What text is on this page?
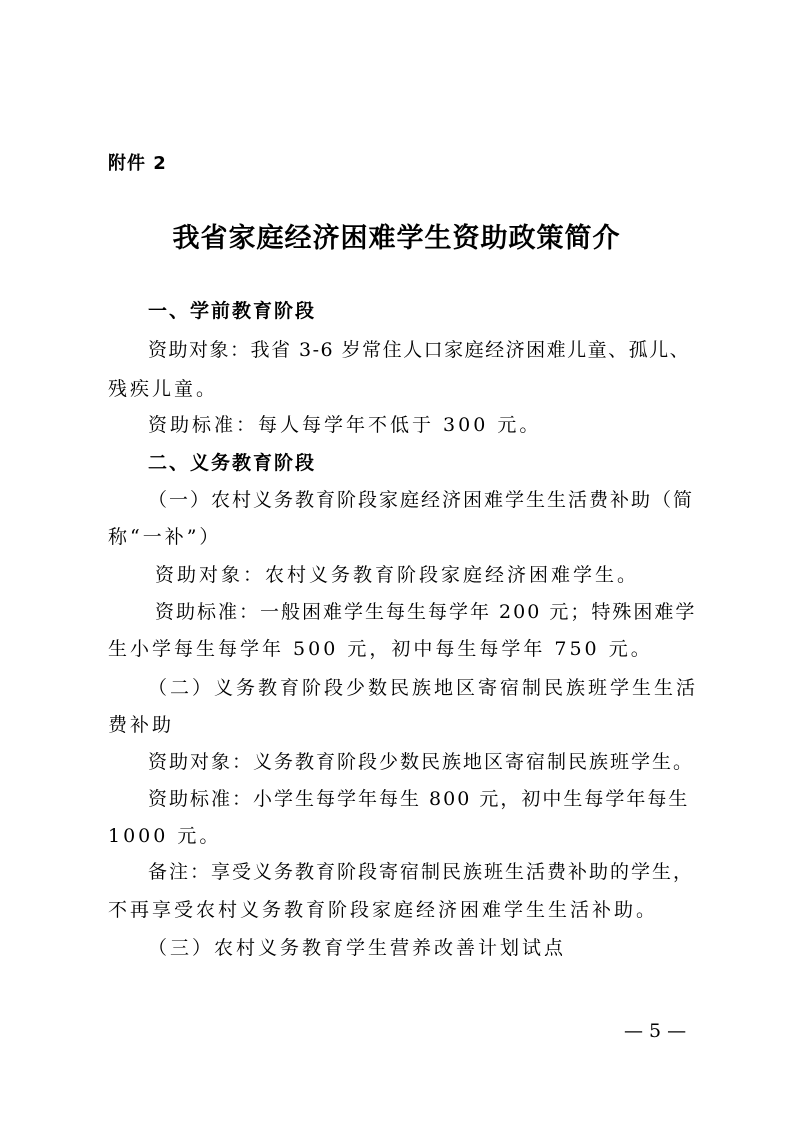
附件 2
我省家庭经济困难学生资助政策简介
一、学前教育阶段
资助对象：我省 3-6 岁常住人口家庭经济困难儿童、孤儿、
残疾儿童。
资助标准：每人每学年不低于 300 元。
二、义务教育阶段
（一）农村义务教育阶段家庭经济困难学生生活费补助（简
称“一补”）
资助对象：农村义务教育阶段家庭经济困难学生。
资助标准：一般困难学生每生每学年 200 元；特殊困难学
生小学每生每学年 500 元，初中每生每学年 750 元。
（二）义务教育阶段少数民族地区寄宿制民族班学生生活
费补助
资助对象：义务教育阶段少数民族地区寄宿制民族班学生。
资助标准：小学生每学年每生 800 元，初中生每学年每生
1000 元。
备注：享受义务教育阶段寄宿制民族班生活费补助的学生，
不再享受农村义务教育阶段家庭经济困难学生生活补助。
（三）农村义务教育学生营养改善计划试点
— 5 —
